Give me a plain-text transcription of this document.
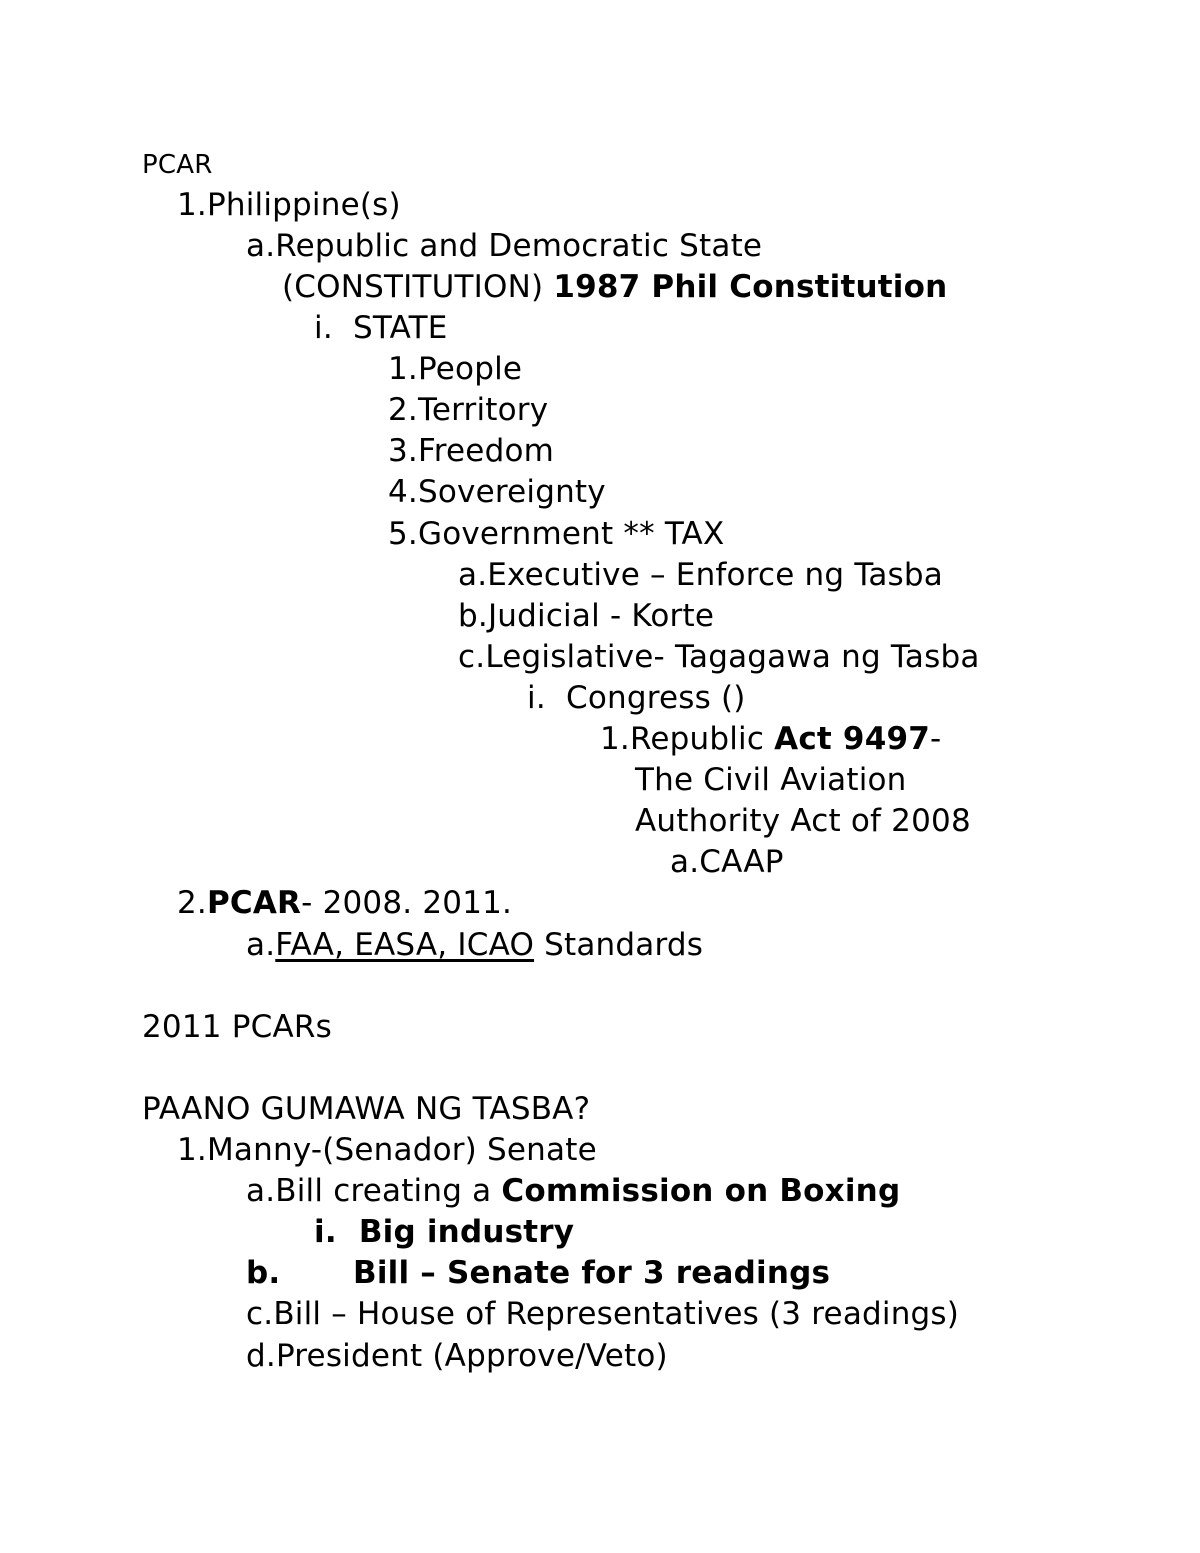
PCAR
1.Philippine(s)
a.Republic and Democratic State
(CONSTITUTION) 1987 Phil Constitution
i. STATE
1.People
2.Territory
3.Freedom
4.Sovereignty
5.Government ** TAX
a.Executive – Enforce ng Tasba
b.Judicial - Korte
c.Legislative- Tagagawa ng Tasba
i. Congress ()
1.Republic Act 9497-
The Civil Aviation
Authority Act of 2008
a.CAAP
2.PCAR- 2008. 2011.
a.FAA, EASA, ICAO Standards
2011 PCARs
PAANO GUMAWA NG TASBA?
1.Manny-(Senador) Senate
a.Bill creating a Commission on Boxing
i. Big industry
b. Bill – Senate for 3 readings
c.Bill – House of Representatives (3 readings)
d.President (Approve/Veto)
